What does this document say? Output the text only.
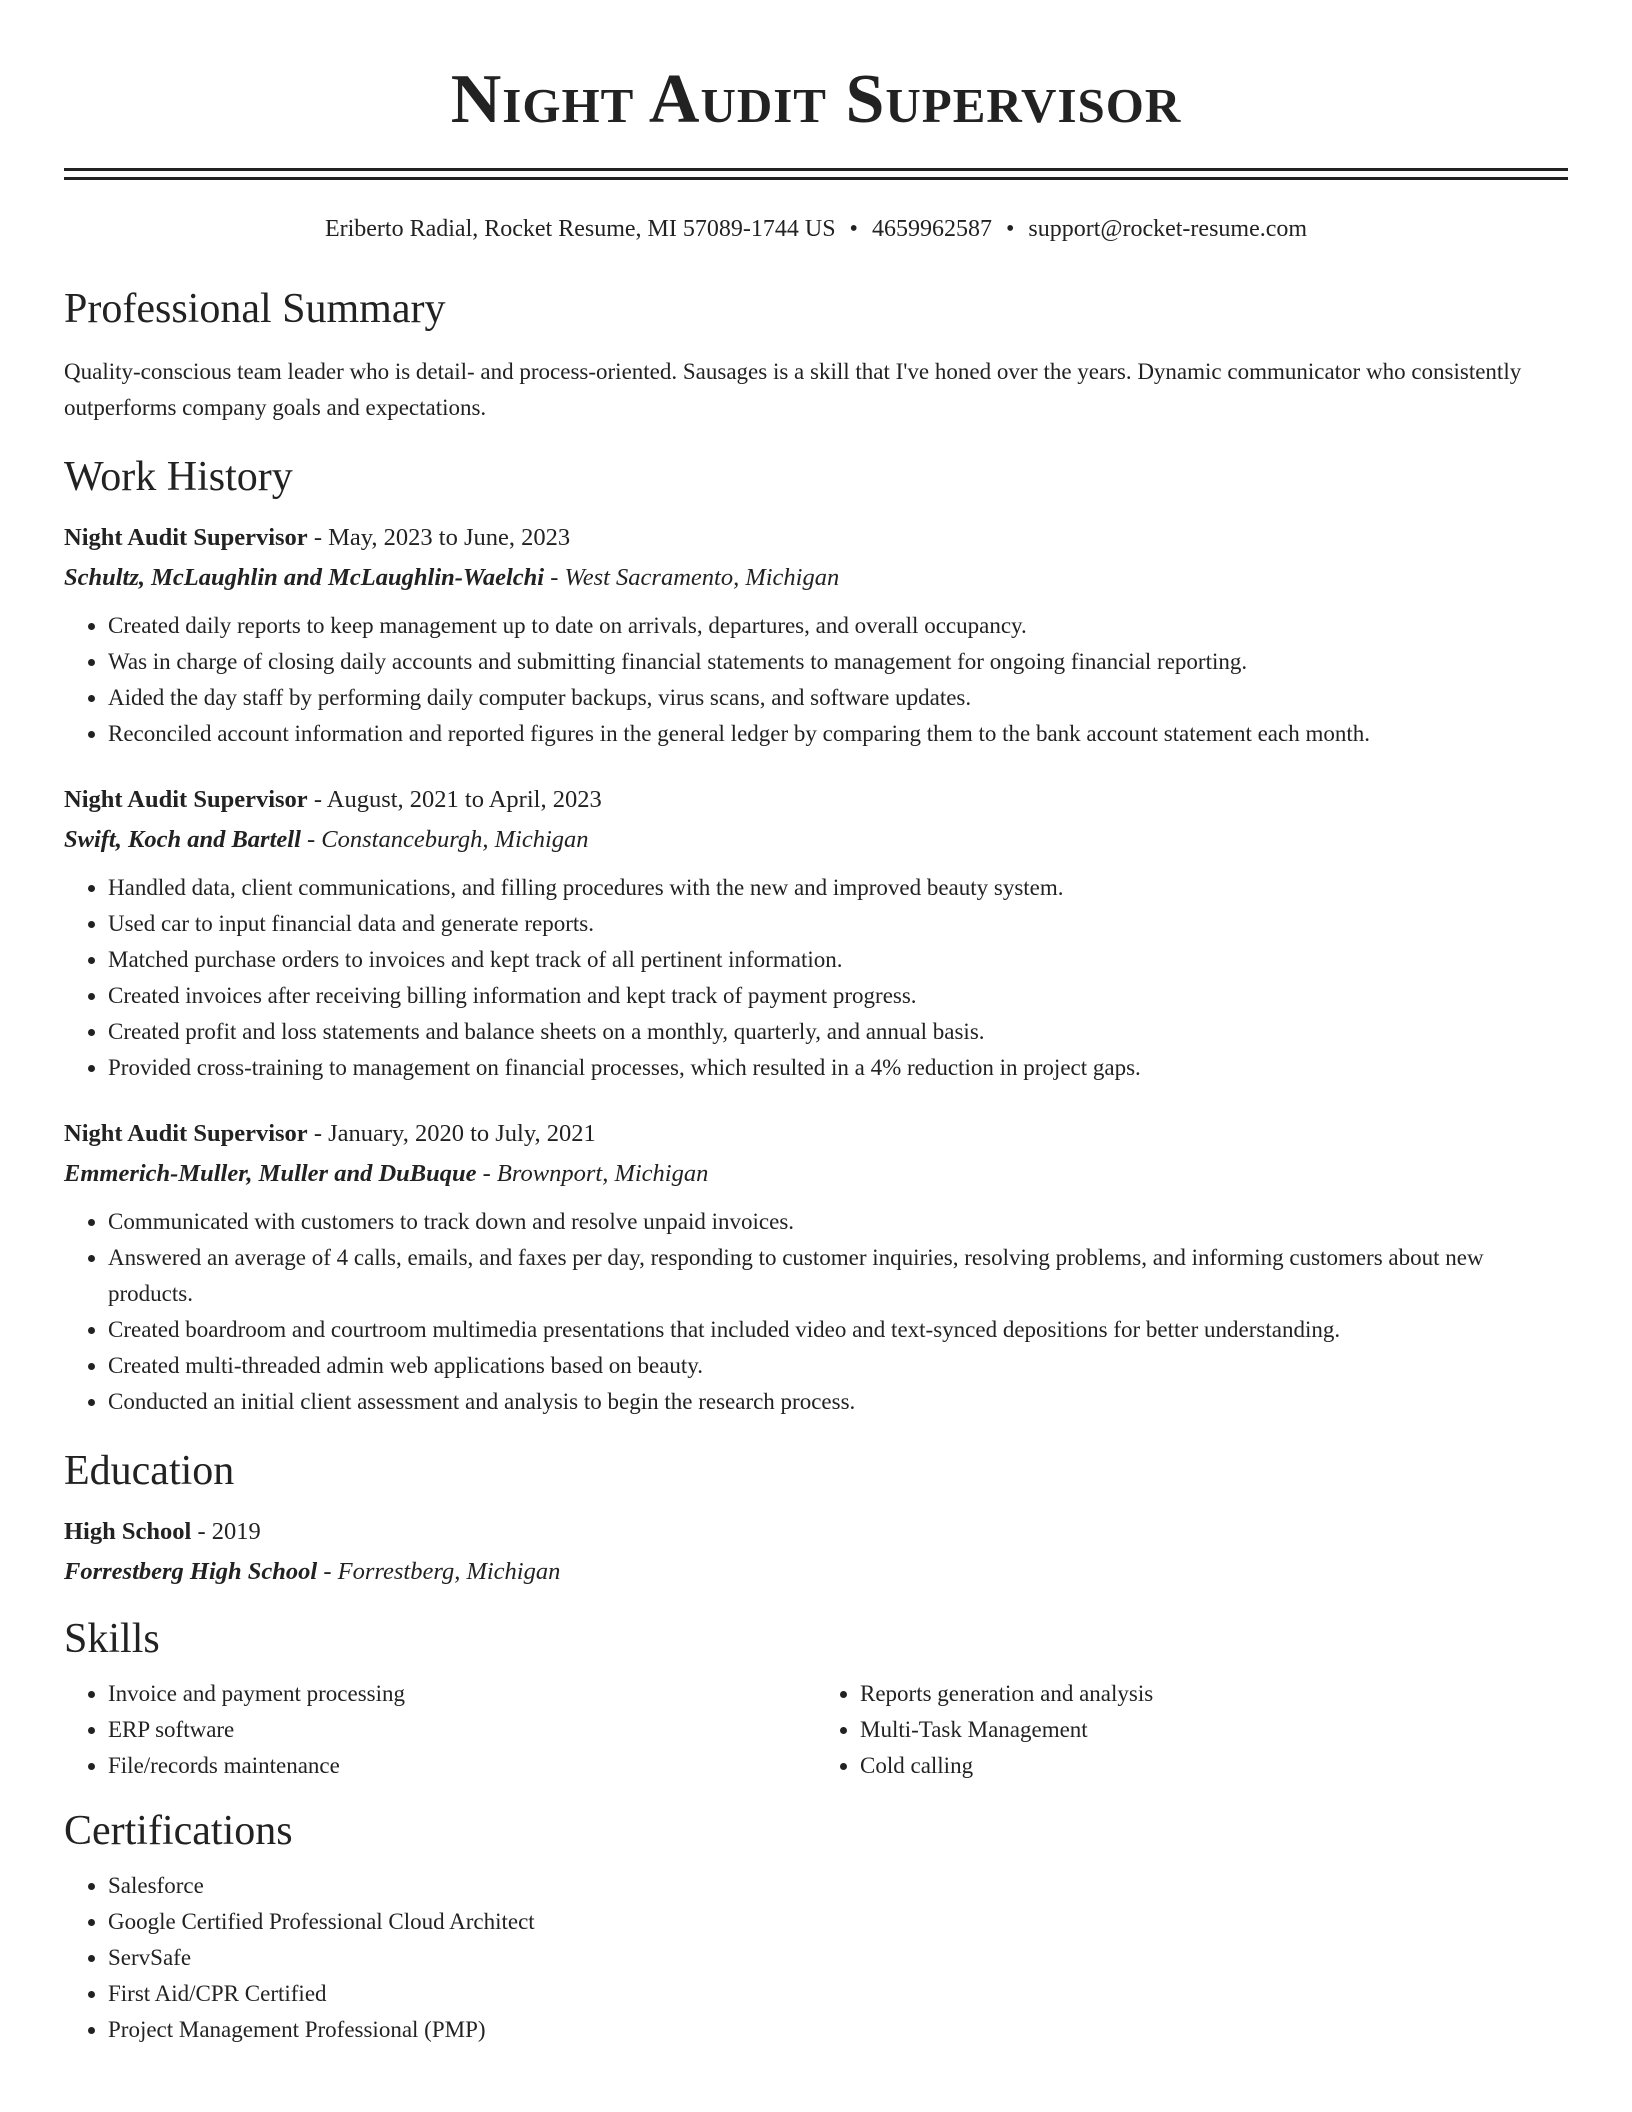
Night Audit Supervisor
Eriberto Radial, Rocket Resume, MI 57089-1744 US • 4659962587 • support@rocket-resume.com
Professional Summary

Quality-conscious team leader who is detail- and process-oriented. Sausages is a skill that I've honed over the years. Dynamic communicator who consistently outperforms company goals and expectations.

Work History
Night Audit Supervisor - May, 2023 to June, 2023
Schultz, McLaughlin and McLaughlin-Waelchi - West Sacramento, Michigan
• Created daily reports to keep management up to date on arrivals, departures, and overall occupancy.
• Was in charge of closing daily accounts and submitting financial statements to management for ongoing financial reporting.
• Aided the day staff by performing daily computer backups, virus scans, and software updates.
• Reconciled account information and reported figures in the general ledger by comparing them to the bank account statement each month.
Night Audit Supervisor - August, 2021 to April, 2023
Swift, Koch and Bartell - Constanceburgh, Michigan
• Handled data, client communications, and filling procedures with the new and improved beauty system.
• Used car to input financial data and generate reports.
• Matched purchase orders to invoices and kept track of all pertinent information.
• Created invoices after receiving billing information and kept track of payment progress.
• Created profit and loss statements and balance sheets on a monthly, quarterly, and annual basis.
• Provided cross-training to management on financial processes, which resulted in a 4% reduction in project gaps.
Night Audit Supervisor - January, 2020 to July, 2021
Emmerich-Muller, Muller and DuBuque - Brownport, Michigan
• Communicated with customers to track down and resolve unpaid invoices.
• Answered an average of 4 calls, emails, and faxes per day, responding to customer inquiries, resolving problems, and informing customers about new products.
• Created boardroom and courtroom multimedia presentations that included video and text-synced depositions for better understanding.
• Created multi-threaded admin web applications based on beauty.
• Conducted an initial client assessment and analysis to begin the research process.
Education
High School - 2019
Forrestberg High School - Forrestberg, Michigan
Skills
• Invoice and payment processing
• ERP software
• File/records maintenance
• Reports generation and analysis
• Multi-Task Management
• Cold calling
Certifications
• Salesforce
• Google Certified Professional Cloud Architect
• ServSafe
• First Aid/CPR Certified
• Project Management Professional (PMP)
